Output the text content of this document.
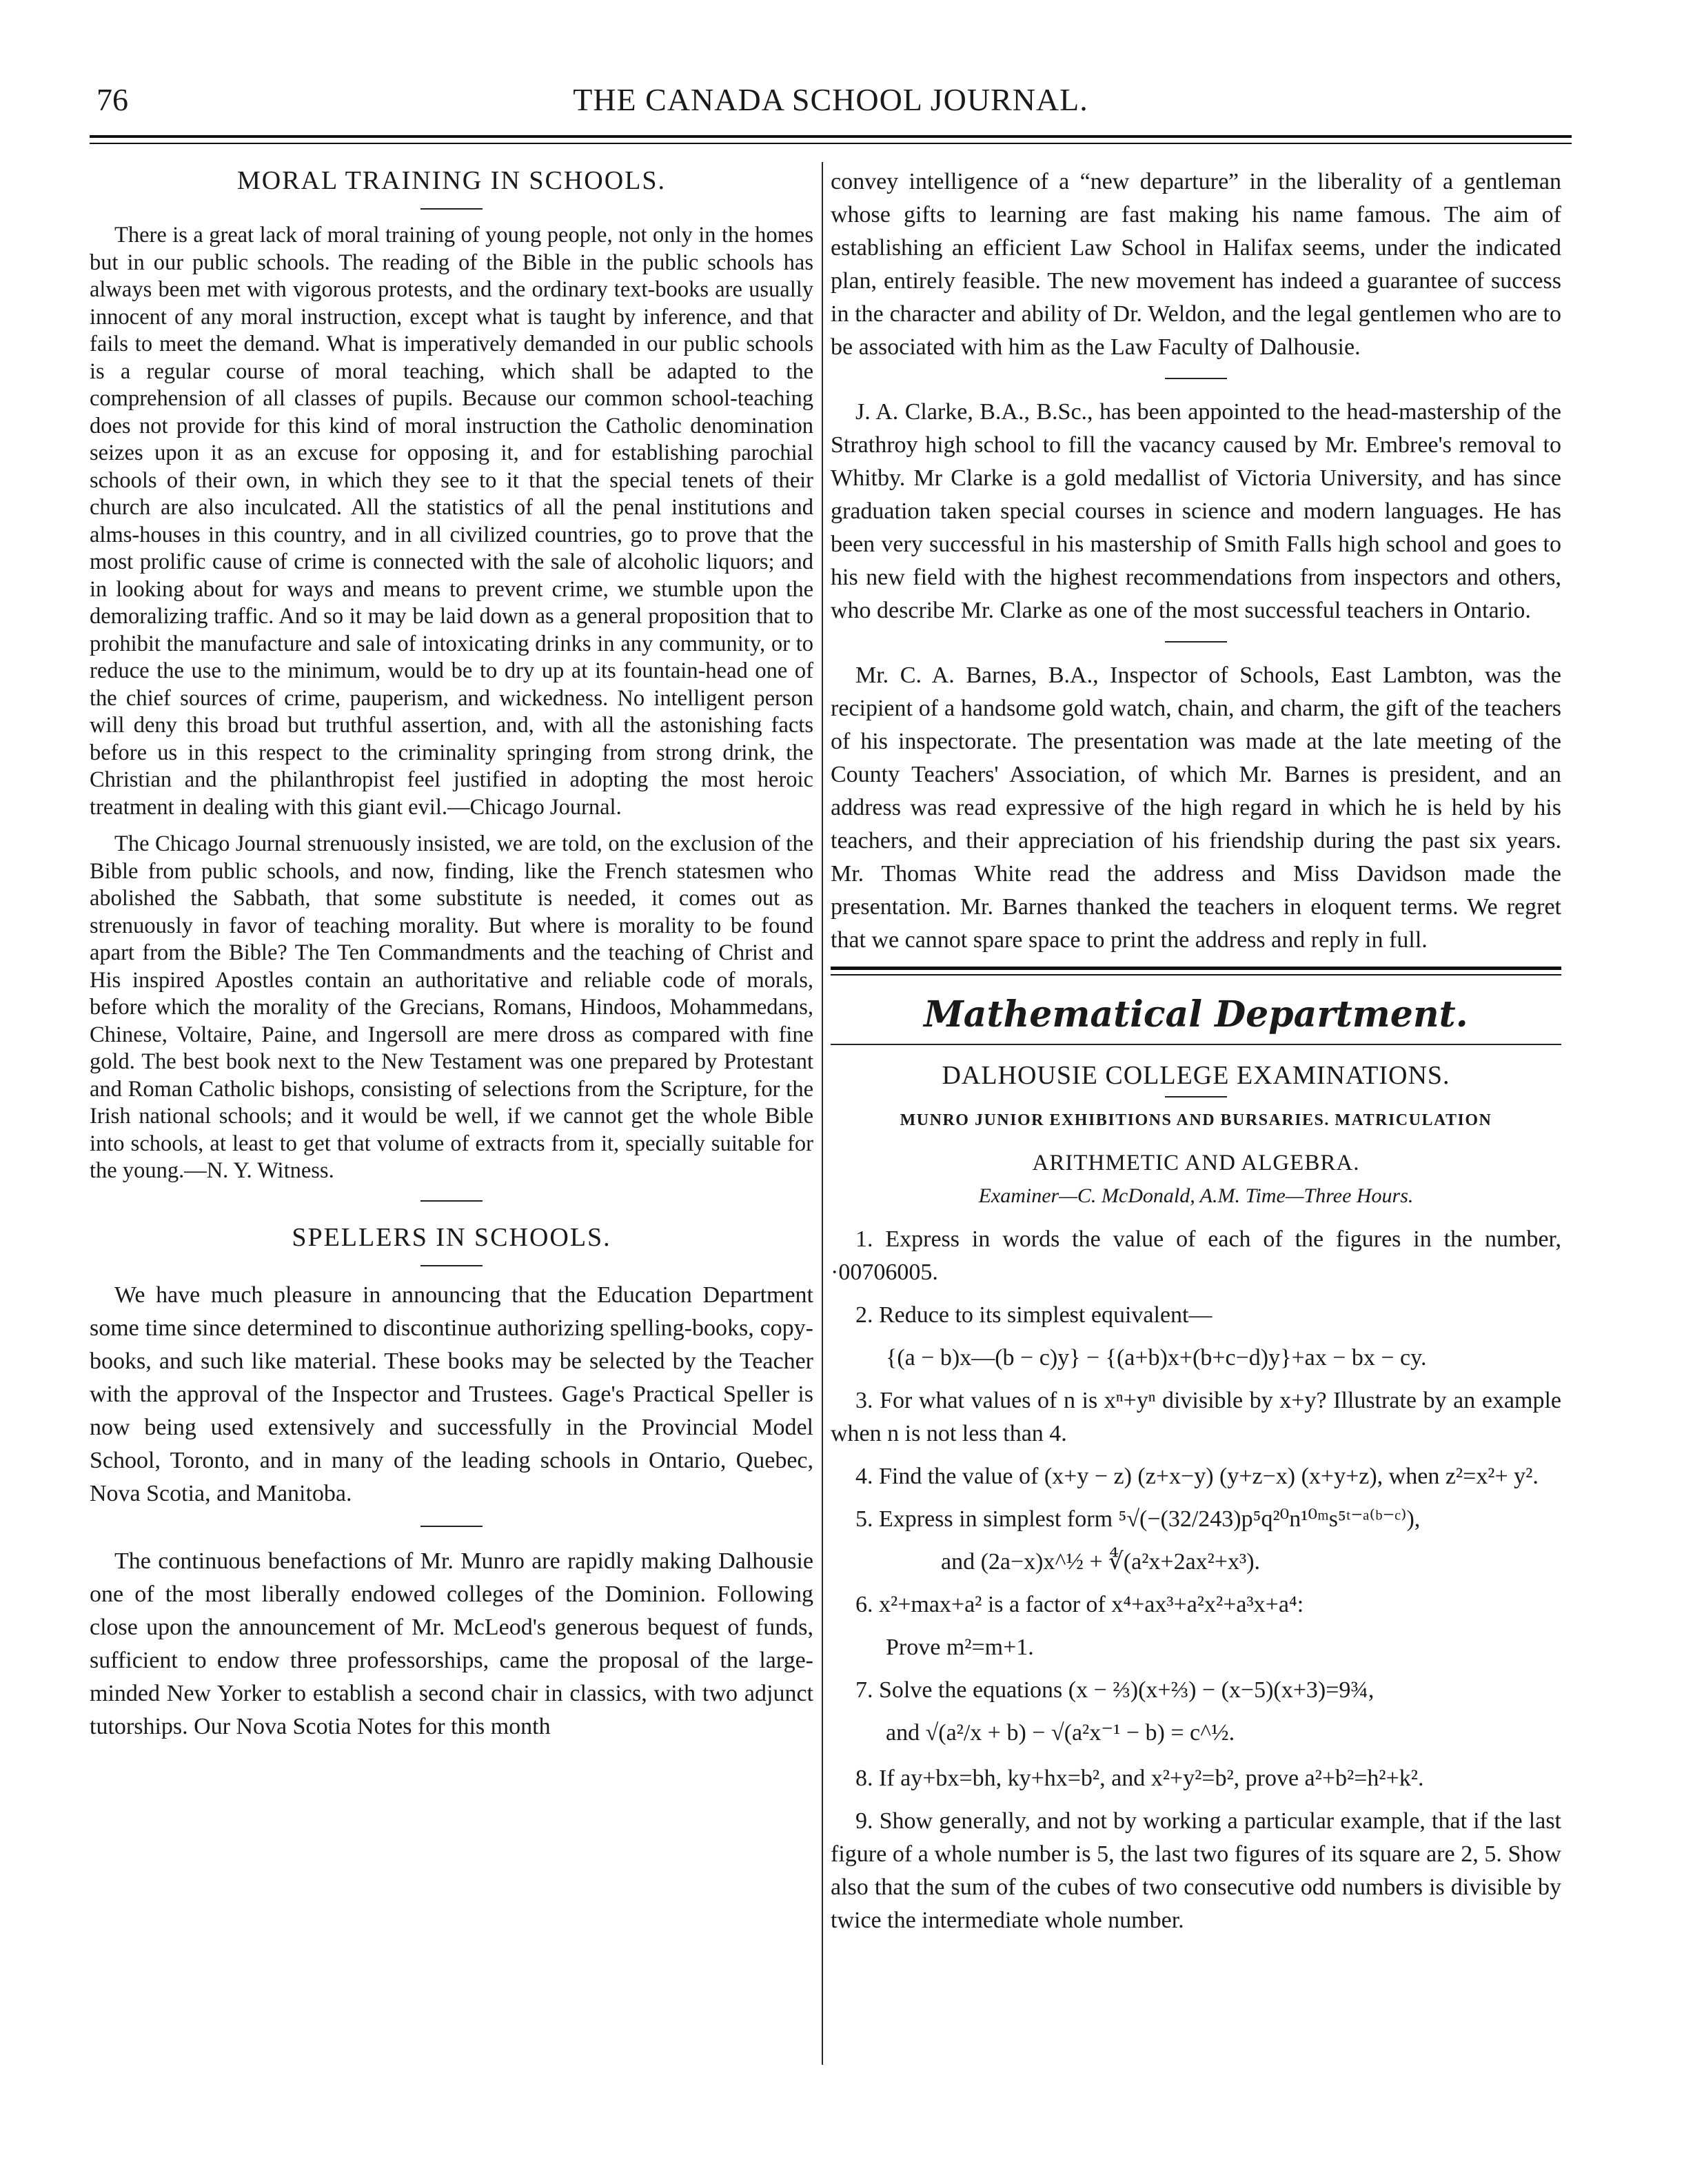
76	THE CANADA SCHOOL JOURNAL.
MORAL TRAINING IN SCHOOLS.

There is a great lack of moral training of young people, not only in the homes but in our public schools. The reading of the Bible in the public schools has always been met with vigorous protests, and the ordinary text-books are usually innocent of any moral instruction, except what is taught by inference, and that fails to meet the demand. What is imperatively demanded in our public schools is a regular course of moral teaching, which shall be adapted to the comprehension of all classes of pupils. Because our common school-teaching does not provide for this kind of moral instruction the Catholic denomination seizes upon it as an excuse for opposing it, and for establishing parochial schools of their own, in which they see to it that the special tenets of their church are also inculcated. All the statistics of all the penal institutions and alms-houses in this country, and in all civilized countries, go to prove that the most prolific cause of crime is connected with the sale of alcoholic liquors; and in looking about for ways and means to prevent crime, we stumble upon the demoralizing traffic. And so it may be laid down as a general proposition that to prohibit the manufacture and sale of intoxicating drinks in any community, or to reduce the use to the minimum, would be to dry up at its fountain-head one of the chief sources of crime, pauperism, and wickedness. No intelligent person will deny this broad but truthful assertion, and, with all the astonishing facts before us in this respect to the criminality springing from strong drink, the Christian and the philanthropist feel justified in adopting the most heroic treatment in dealing with this giant evil.—Chicago Journal.

The Chicago Journal strenuously insisted, we are told, on the exclusion of the Bible from public schools, and now, finding, like the French statesmen who abolished the Sabbath, that some substitute is needed, it comes out as strenuously in favor of teaching morality. But where is morality to be found apart from the Bible? The Ten Commandments and the teaching of Christ and His inspired Apostles contain an authoritative and reliable code of morals, before which the morality of the Grecians, Romans, Hindoos, Mohammedans, Chinese, Voltaire, Paine, and Ingersoll are mere dross as compared with fine gold. The best book next to the New Testament was one prepared by Protestant and Roman Catholic bishops, consisting of selections from the Scripture, for the Irish national schools; and it would be well, if we cannot get the whole Bible into schools, at least to get that volume of extracts from it, specially suitable for the young.—N. Y. Witness.

SPELLERS IN SCHOOLS.

We have much pleasure in announcing that the Education Department some time since determined to discontinue authorizing spelling-books, copy-books, and such like material. These books may be selected by the Teacher with the approval of the Inspector and Trustees. Gage's Practical Speller is now being used extensively and successfully in the Provincial Model School, Toronto, and in many of the leading schools in Ontario, Quebec, Nova Scotia, and Manitoba.

The continuous benefactions of Mr. Munro are rapidly making Dalhousie one of the most liberally endowed colleges of the Dominion. Following close upon the announcement of Mr. McLeod's generous bequest of funds, sufficient to endow three professorships, came the proposal of the large-minded New Yorker to establish a second chair in classics, with two adjunct tutorships. Our Nova Scotia Notes for this month

convey intelligence of a “new departure” in the liberality of a gentleman whose gifts to learning are fast making his name famous. The aim of establishing an efficient Law School in Halifax seems, under the indicated plan, entirely feasible. The new movement has indeed a guarantee of success in the character and ability of Dr. Weldon, and the legal gentlemen who are to be associated with him as the Law Faculty of Dalhousie.

J. A. Clarke, B.A., B.Sc., has been appointed to the head-mastership of the Strathroy high school to fill the vacancy caused by Mr. Embree's removal to Whitby. Mr Clarke is a gold medallist of Victoria University, and has since graduation taken special courses in science and modern languages. He has been very successful in his mastership of Smith Falls high school and goes to his new field with the highest recommendations from inspectors and others, who describe Mr. Clarke as one of the most successful teachers in Ontario.

Mr. C. A. Barnes, B.A., Inspector of Schools, East Lambton, was the recipient of a handsome gold watch, chain, and charm, the gift of the teachers of his inspectorate. The presentation was made at the late meeting of the County Teachers' Association, of which Mr. Barnes is president, and an address was read expressive of the high regard in which he is held by his teachers, and their appreciation of his friendship during the past six years. Mr. Thomas White read the address and Miss Davidson made the presentation. Mr. Barnes thanked the teachers in eloquent terms. We regret that we cannot spare space to print the address and reply in full.

Mathematical Department.
DALHOUSIE COLLEGE EXAMINATIONS.
MUNRO JUNIOR EXHIBITIONS AND BURSARIES. MATRICULATION
ARITHMETIC AND ALGEBRA.
Examiner—C. McDonald, A.M. Time—Three Hours.

1. Express in words the value of each of the figures in the number, ·00706005.

2. Reduce to its simplest equivalent—

{(a − b)x—(b − c)y} − {(a+b)x+(b+c−d)y}+ax − bx − cy.

3. For what values of n is xⁿ+yⁿ divisible by x+y? Illustrate by an example when n is not less than 4.

4. Find the value of (x+y − z) (z+x−y) (y+z−x) (x+y+z), when z²=x²+ y².

5. Express in simplest form ⁵√(−(32/243)p⁵q²⁰n¹⁰ᵐs⁵ᵗ⁻ᵃ⁽ᵇ⁻ᶜ⁾),

and (2a−x)x^½ + ∜(a²x+2ax²+x³).

6. x²+max+a² is a factor of x⁴+ax³+a²x²+a³x+a⁴:

Prove m²=m+1.

7. Solve the equations (x − ⅔)(x+⅔) − (x−5)(x+3)=9¾,

and √(a²/x + b) − √(a²x⁻¹ − b) = c^½.

8. If ay+bx=bh, ky+hx=b², and x²+y²=b², prove a²+b²=h²+k².

9. Show generally, and not by working a particular example, that if the last figure of a whole number is 5, the last two figures of its square are 2, 5. Show also that the sum of the cubes of two consecutive odd numbers is divisible by twice the intermediate whole number.
